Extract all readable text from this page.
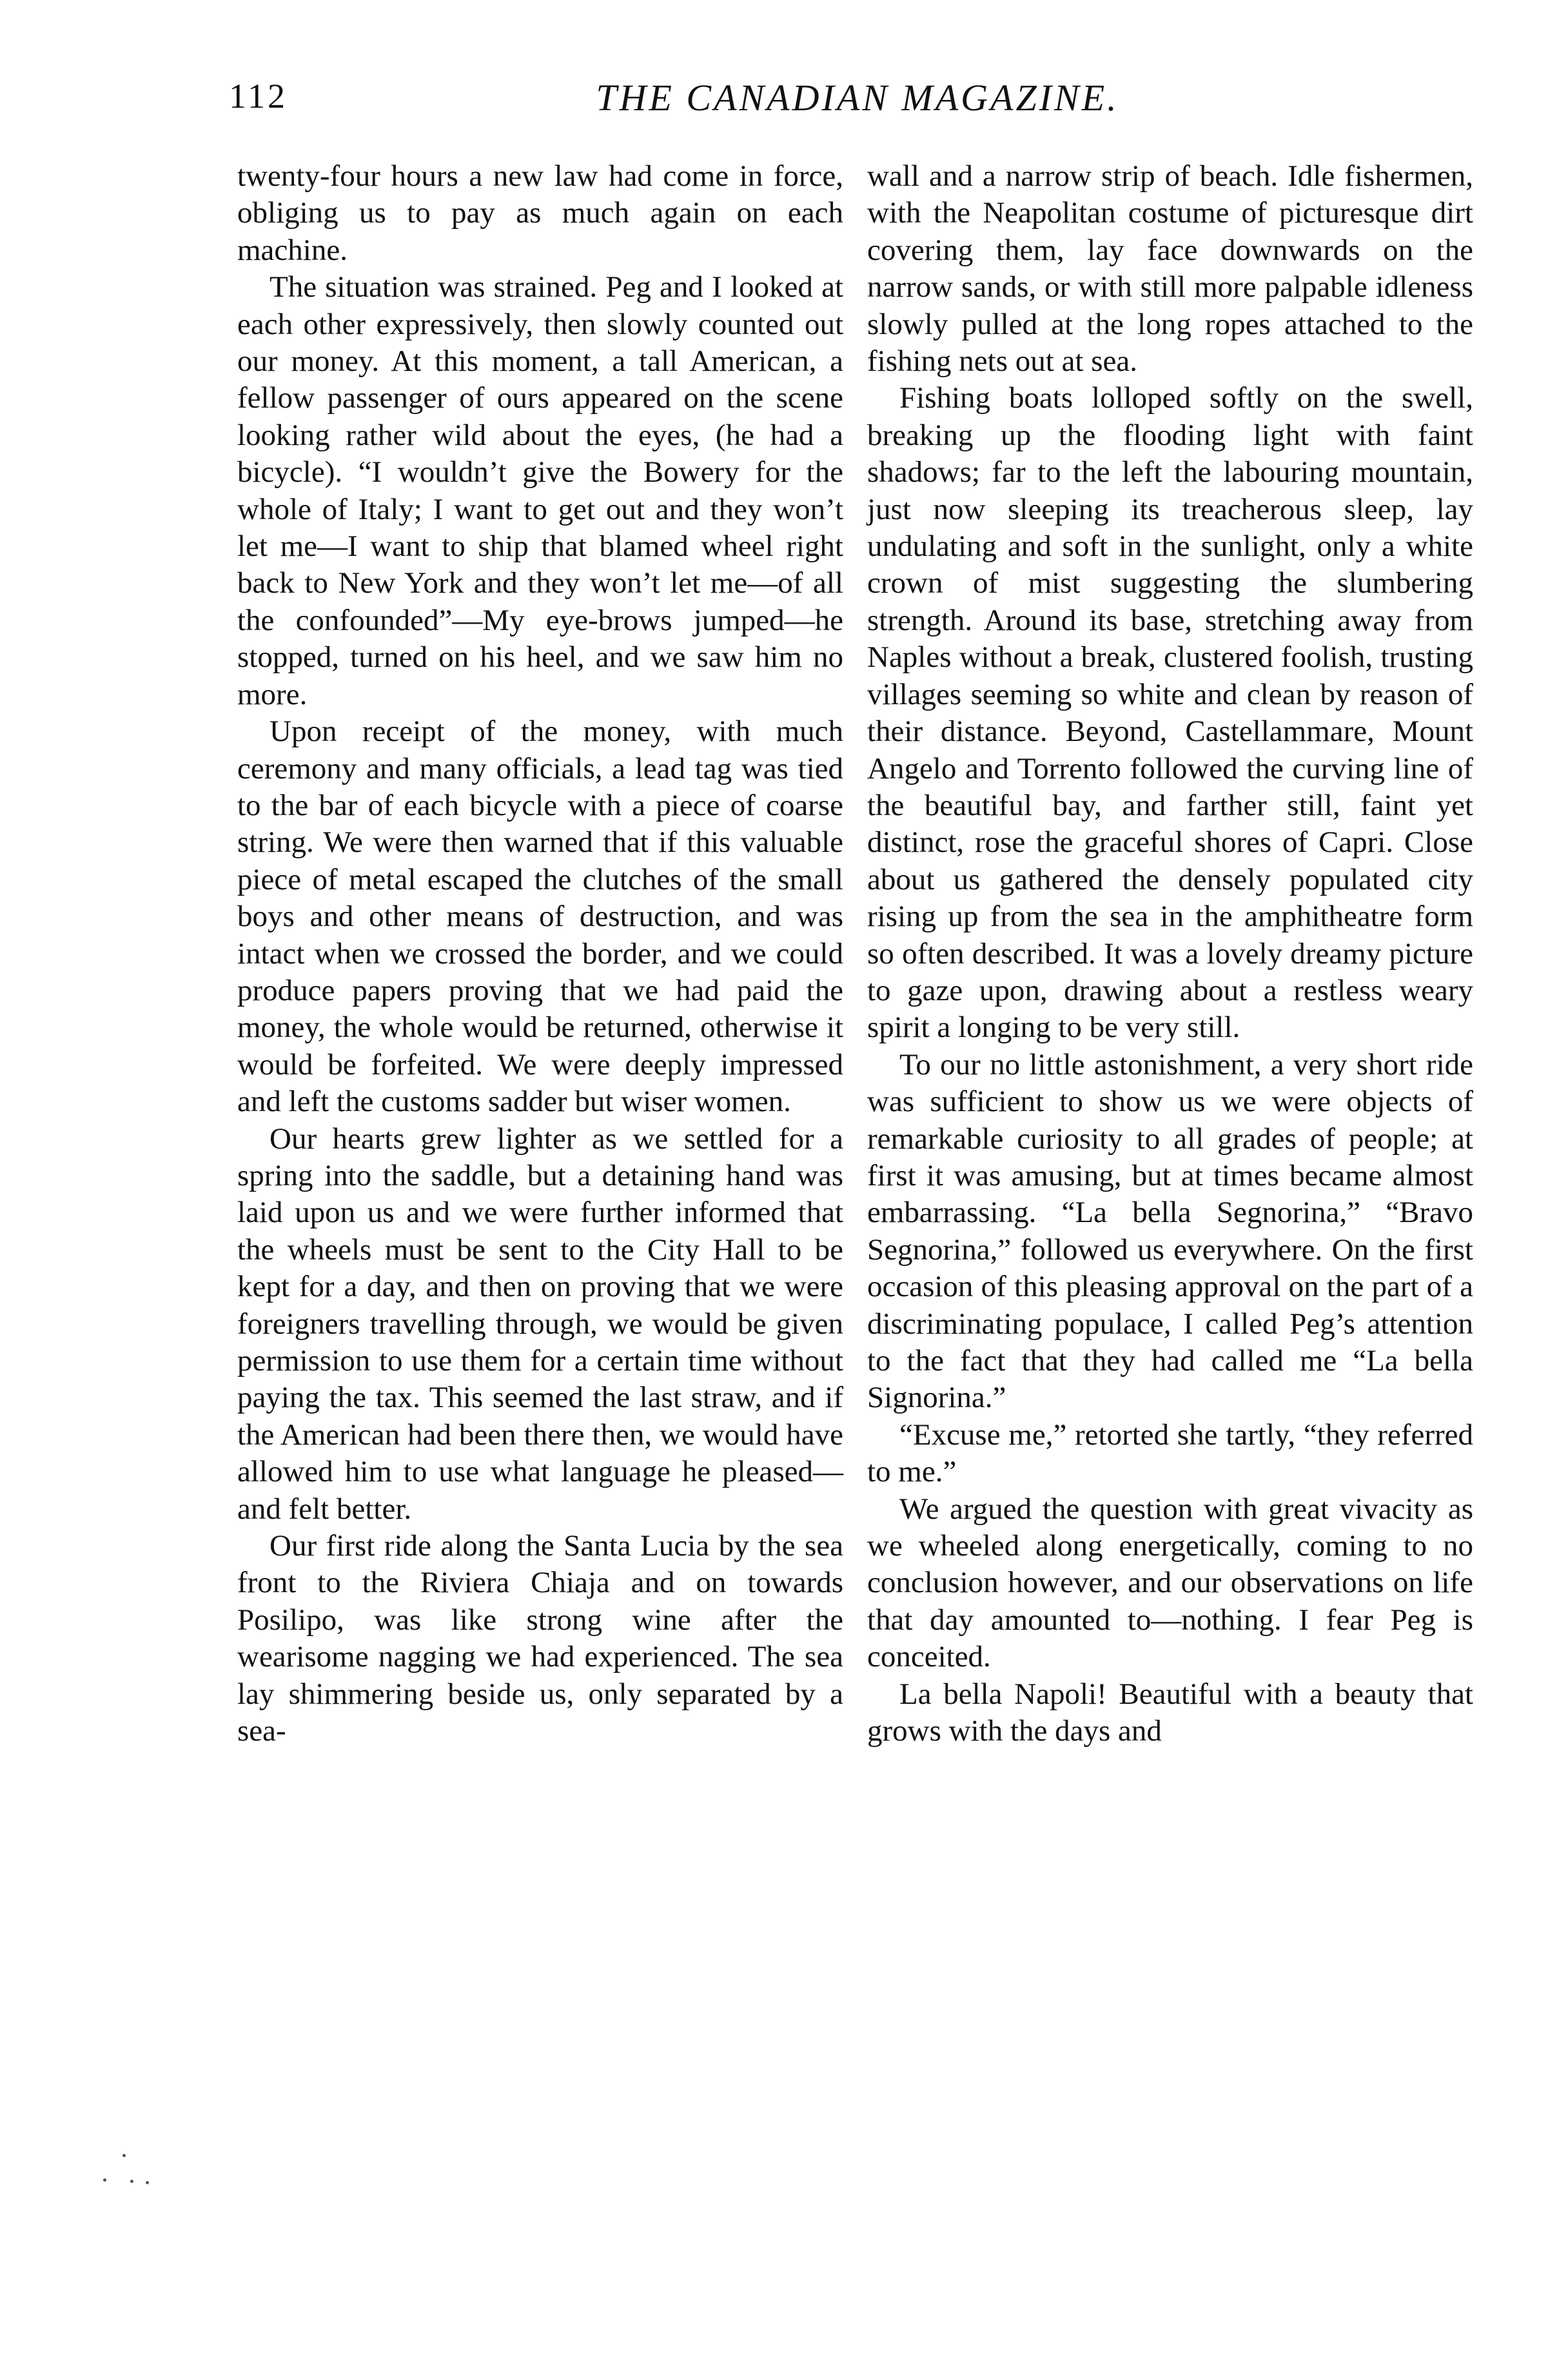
112	THE CANADIAN MAGAZINE.

twenty-four hours a new law had come in force, obliging us to pay as much again on each machine.

The situation was strained. Peg and I looked at each other expressively, then slowly counted out our money. At this moment, a tall American, a fellow passenger of ours appeared on the scene looking rather wild about the eyes, (he had a bicycle). “I wouldn’t give the Bowery for the whole of Italy; I want to get out and they won’t let me—I want to ship that blamed wheel right back to New York and they won’t let me—of all the confounded”—My eye-brows jumped—he stopped, turned on his heel, and we saw him no more.

Upon receipt of the money, with much ceremony and many officials, a lead tag was tied to the bar of each bicycle with a piece of coarse string. We were then warned that if this valuable piece of metal escaped the clutches of the small boys and other means of destruction, and was intact when we crossed the border, and we could produce papers proving that we had paid the money, the whole would be returned, otherwise it would be forfeited. We were deeply impressed and left the customs sadder but wiser women.

Our hearts grew lighter as we settled for a spring into the saddle, but a detaining hand was laid upon us and we were further informed that the wheels must be sent to the City Hall to be kept for a day, and then on proving that we were foreigners travelling through, we would be given permission to use them for a certain time without paying the tax. This seemed the last straw, and if the American had been there then, we would have allowed him to use what language he pleased—and felt better.

Our first ride along the Santa Lucia by the sea front to the Riviera Chiaja and on towards Posilipo, was like strong wine after the wearisome nagging we had experienced. The sea lay shimmering beside us, only separated by a sea-

wall and a narrow strip of beach. Idle fishermen, with the Neapolitan costume of picturesque dirt covering them, lay face downwards on the narrow sands, or with still more palpable idleness slowly pulled at the long ropes attached to the fishing nets out at sea.

Fishing boats lolloped softly on the swell, breaking up the flooding light with faint shadows; far to the left the labouring mountain, just now sleeping its treacherous sleep, lay undulating and soft in the sunlight, only a white crown of mist suggesting the slumbering strength. Around its base, stretching away from Naples without a break, clustered foolish, trusting villages seeming so white and clean by reason of their distance. Beyond, Castellammare, Mount Angelo and Torrento followed the curving line of the beautiful bay, and farther still, faint yet distinct, rose the graceful shores of Capri. Close about us gathered the densely populated city rising up from the sea in the amphitheatre form so often described. It was a lovely dreamy picture to gaze upon, drawing about a restless weary spirit a longing to be very still.

To our no little astonishment, a very short ride was sufficient to show us we were objects of remarkable curiosity to all grades of people; at first it was amusing, but at times became almost embarrassing. “La bella Segnorina,” “Bravo Segnorina,” followed us everywhere. On the first occasion of this pleasing approval on the part of a discriminating populace, I called Peg’s attention to the fact that they had called me “La bella Signorina.”

“Excuse me,” retorted she tartly, “they referred to me.”

We argued the question with great vivacity as we wheeled along energetically, coming to no conclusion however, and our observations on life that day amounted to—nothing. I fear Peg is conceited.

La bella Napoli! Beautiful with a beauty that grows with the days and
